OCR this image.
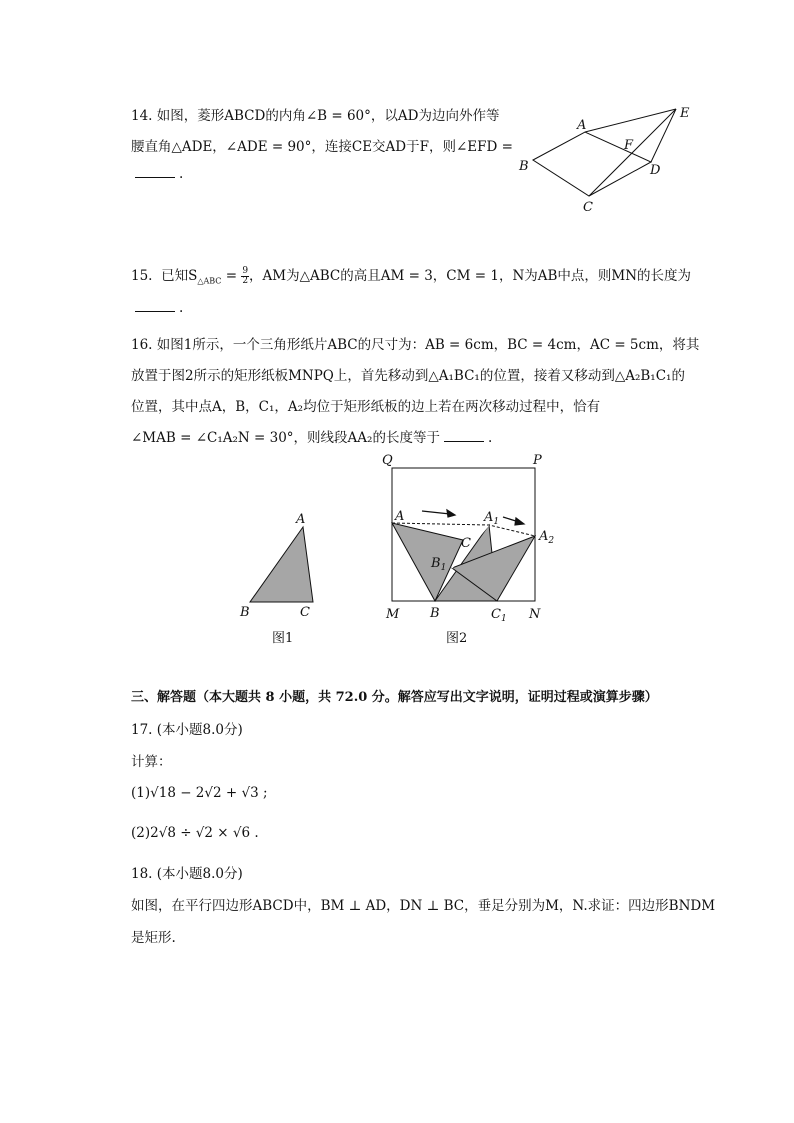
14. 如图，菱形ABCD的内角∠B = 60°，以AD为边向外作等
腰直角△ADE，∠ADE = 90°，连接CE交AD于F，则∠EFD =
.
A
B
C
D
E
F
15. 已知$S_{\triangle ABC} = \frac{9}{2}$ ，AM为△ABC的高且AM = 3，CM = 1，N为AB中点，则MN的长度为
.
16. 如图1所示，一个三角形纸片ABC的尺寸为：AB = 6cm，BC = 4cm，AC = 5cm，将其
放置于图2所示的矩形纸板MNPQ上，首先移动到△A₁BC₁的位置，接着又移动到△A₂B₁C₁的
位置，其中点A，B，C₁，A₂均位于矩形纸板的边上若在两次移动过程中，恰有
∠MAB = ∠C₁A₂N = 30°，则线段AA₂的长度等于	.
A
B	C
图1
Q	P
M	N
A
B
C
$A_1$
$A_2$
$B_1$
$C_1$
图2
三、解答题（本大题共 8 小题，共 72.0 分。解答应写出文字说明，证明过程或演算步骤）
17. (本小题8.0分)
计算：
(1)√18 − 2√2 + √3 ;
(2)2√8 ÷ √2 × √6 .
18. (本小题8.0分)
如图，在平行四边形ABCD中，BM ⊥ AD，DN ⊥ BC，垂足分别为M，N.求证：四边形BNDM
是矩形.
